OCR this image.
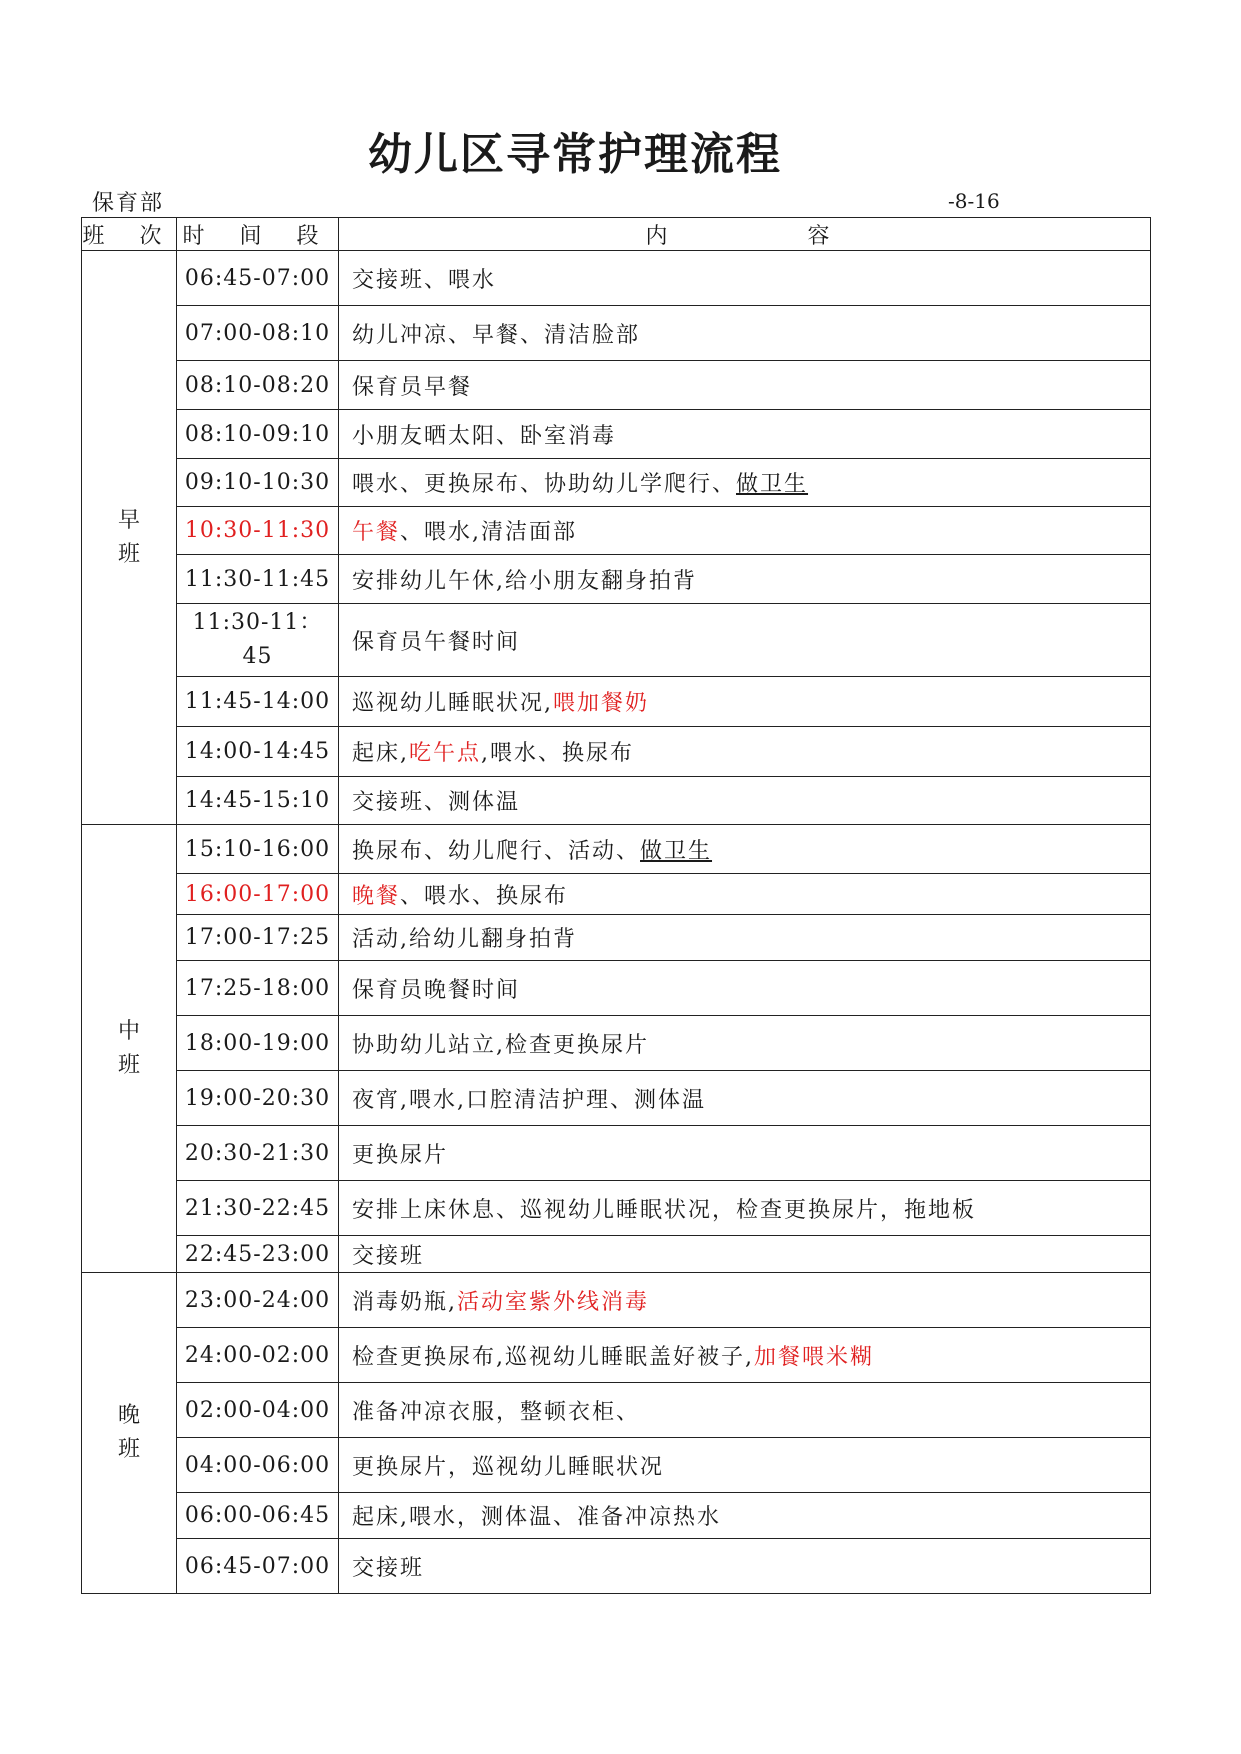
幼儿区寻常护理流程
保育部	-8-16
班 次	时 间 段	内      容
早班	06:45-07:00	交接班、喂水
	07:00-08:10	幼儿冲凉、早餐、清洁脸部
	08:10-08:20	保育员早餐
	08:10-09:10	小朋友晒太阳、卧室消毒
	09:10-10:30	喂水、更换尿布、协助幼儿学爬行、做卫生
	10:30-11:30	午餐、喂水,清洁面部
	11:30-11:45	安排幼儿午休,给小朋友翻身拍背
	11:30-11：45	保育员午餐时间
	11:45-14:00	巡视幼儿睡眠状况,喂加餐奶
	14:00-14:45	起床,吃午点,喂水、换尿布
	14:45-15:10	交接班、测体温
中班	15:10-16:00	换尿布、幼儿爬行、活动、做卫生
	16:00-17:00	晚餐、喂水、换尿布
	17:00-17:25	活动,给幼儿翻身拍背
	17:25-18:00	保育员晚餐时间
	18:00-19:00	协助幼儿站立,检查更换尿片
	19:00-20:30	夜宵,喂水,口腔清洁护理、测体温
	20:30-21:30	更换尿片
	21:30-22:45	安排上床休息、巡视幼儿睡眠状况，检查更换尿片，拖地板
	22:45-23:00	交接班
晚班	23:00-24:00	消毒奶瓶,活动室紫外线消毒
	24:00-02:00	检查更换尿布,巡视幼儿睡眠盖好被子,加餐喂米糊
	02:00-04:00	准备冲凉衣服，整顿衣柜、
	04:00-06:00	更换尿片，巡视幼儿睡眠状况
	06:00-06:45	起床,喂水，测体温、准备冲凉热水
	06:45-07:00	交接班
